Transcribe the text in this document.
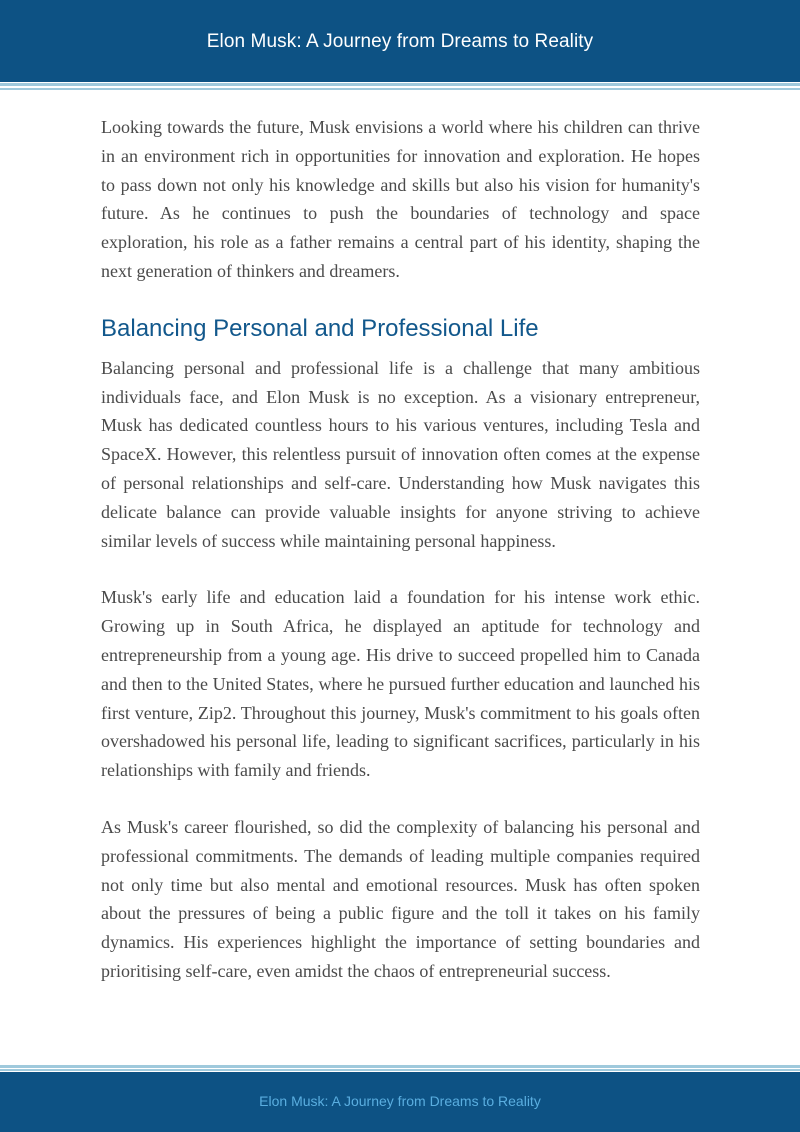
Elon Musk: A Journey from Dreams to Reality

Looking towards the future, Musk envisions a world where his children can thrive in an environment rich in opportunities for innovation and exploration. He hopes to pass down not only his knowledge and skills but also his vision for humanity's future. As he continues to push the boundaries of technology and space exploration, his role as a father remains a central part of his identity, shaping the next generation of thinkers and dreamers.

Balancing Personal and Professional Life

Balancing personal and professional life is a challenge that many ambitious individuals face, and Elon Musk is no exception. As a visionary entrepreneur, Musk has dedicated countless hours to his various ventures, including Tesla and SpaceX. However, this relentless pursuit of innovation often comes at the expense of personal relationships and self-care. Understanding how Musk navigates this delicate balance can provide valuable insights for anyone striving to achieve similar levels of success while maintaining personal happiness.

Musk's early life and education laid a foundation for his intense work ethic. Growing up in South Africa, he displayed an aptitude for technology and entrepreneurship from a young age. His drive to succeed propelled him to Canada and then to the United States, where he pursued further education and launched his first venture, Zip2. Throughout this journey, Musk's commitment to his goals often overshadowed his personal life, leading to significant sacrifices, particularly in his relationships with family and friends.

As Musk's career flourished, so did the complexity of balancing his personal and professional commitments. The demands of leading multiple companies required not only time but also mental and emotional resources. Musk has often spoken about the pressures of being a public figure and the toll it takes on his family dynamics. His experiences highlight the importance of setting boundaries and prioritising self-care, even amidst the chaos of entrepreneurial success.

Elon Musk: A Journey from Dreams to Reality
